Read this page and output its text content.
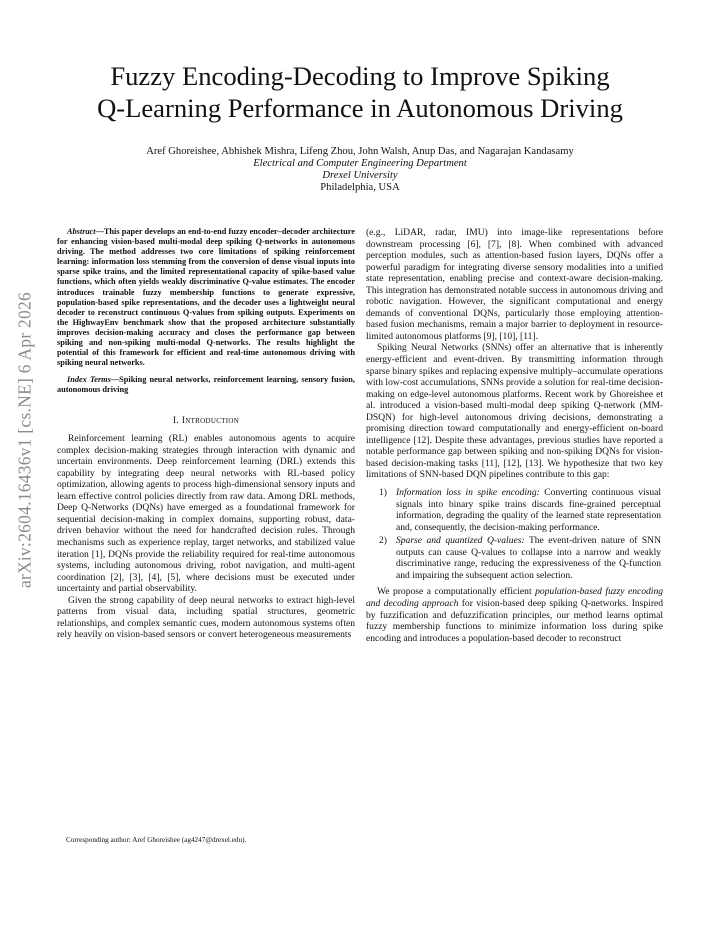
arXiv:2604.16436v1 [cs.NE] 6 Apr 2026
Fuzzy Encoding-Decoding to Improve Spiking
Q-Learning Performance in Autonomous Driving
Aref Ghoreishee, Abhishek Mishra, Lifeng Zhou, John Walsh, Anup Das, and Nagarajan Kandasamy
Electrical and Computer Engineering Department
Drexel University
Philadelphia, USA
Abstract—This paper develops an end-to-end fuzzy encoder–decoder architecture for enhancing vision-based multi-modal deep spiking Q-networks in autonomous driving. The method addresses two core limitations of spiking reinforcement learning: information loss stemming from the conversion of dense visual inputs into sparse spike trains, and the limited representational capacity of spike-based value functions, which often yields weakly discriminative Q-value estimates. The encoder introduces trainable fuzzy membership functions to generate expressive, population-based spike representations, and the decoder uses a lightweight neural decoder to reconstruct continuous Q-values from spiking outputs. Experiments on the HighwayEnv benchmark show that the proposed architecture substantially improves decision-making accuracy and closes the performance gap between spiking and non-spiking multi-modal Q-networks. The results highlight the potential of this framework for efficient and real-time autonomous driving with spiking neural networks.
Index Terms—Spiking neural networks, reinforcement learning, sensory fusion, autonomous driving
I. Introduction

Reinforcement learning (RL) enables autonomous agents to acquire complex decision-making strategies through interaction with dynamic and uncertain environments. Deep reinforcement learning (DRL) extends this capability by integrating deep neural networks with RL-based policy optimization, allowing agents to process high-dimensional sensory inputs and learn effective control policies directly from raw data. Among DRL methods, Deep Q-Networks (DQNs) have emerged as a foundational framework for sequential decision-making in complex domains, supporting robust, data-driven behavior without the need for handcrafted decision rules. Through mechanisms such as experience replay, target networks, and stabilized value iteration [1], DQNs provide the reliability required for real-time autonomous systems, including autonomous driving, robot navigation, and multi-agent coordination [2], [3], [4], [5], where decisions must be executed under uncertainty and partial observability.

Given the strong capability of deep neural networks to extract high-level patterns from visual data, including spatial structures, geometric relationships, and complex semantic cues, modern autonomous systems often rely heavily on vision-based sensors or convert heterogeneous measurements

(e.g., LiDAR, radar, IMU) into image-like representations before downstream processing [6], [7], [8]. When combined with advanced perception modules, such as attention-based fusion layers, DQNs offer a powerful paradigm for integrating diverse sensory modalities into a unified state representation, enabling precise and context-aware decision-making. This integration has demonstrated notable success in autonomous driving and robotic navigation. However, the significant computational and energy demands of conventional DQNs, particularly those employing attention-based fusion mechanisms, remain a major barrier to deployment in resource-limited autonomous platforms [9], [10], [11].

Spiking Neural Networks (SNNs) offer an alternative that is inherently energy-efficient and event-driven. By transmitting information through sparse binary spikes and replacing expensive multiply–accumulate operations with low-cost accumulations, SNNs provide a solution for real-time decision-making on edge-level autonomous platforms. Recent work by Ghoreishee et al. introduced a vision-based multi-modal deep spiking Q-network (MM-DSQN) for high-level autonomous driving decisions, demonstrating a promising direction toward computationally and energy-efficient on-board intelligence [12]. Despite these advantages, previous studies have reported a notable performance gap between spiking and non-spiking DQNs for vision-based decision-making tasks [11], [12], [13]. We hypothesize that two key limitations of SNN-based DQN pipelines contribute to this gap:

1) Information loss in spike encoding: Converting continuous visual signals into binary spike trains discards fine-grained perceptual information, degrading the quality of the learned state representation and, consequently, the decision-making performance.
2) Sparse and quantized Q-values: The event-driven nature of SNN outputs can cause Q-values to collapse into a narrow and weakly discriminative range, reducing the expressiveness of the Q-function and impairing the subsequent action selection.

We propose a computationally efficient population-based fuzzy encoding and decoding approach for vision-based deep spiking Q-networks. Inspired by fuzzification and defuzzification principles, our method learns optimal fuzzy membership functions to minimize information loss during spike encoding and introduces a population-based decoder to reconstruct

Corresponding author: Aref Ghoreishee (ag4247@drexel.edu).
